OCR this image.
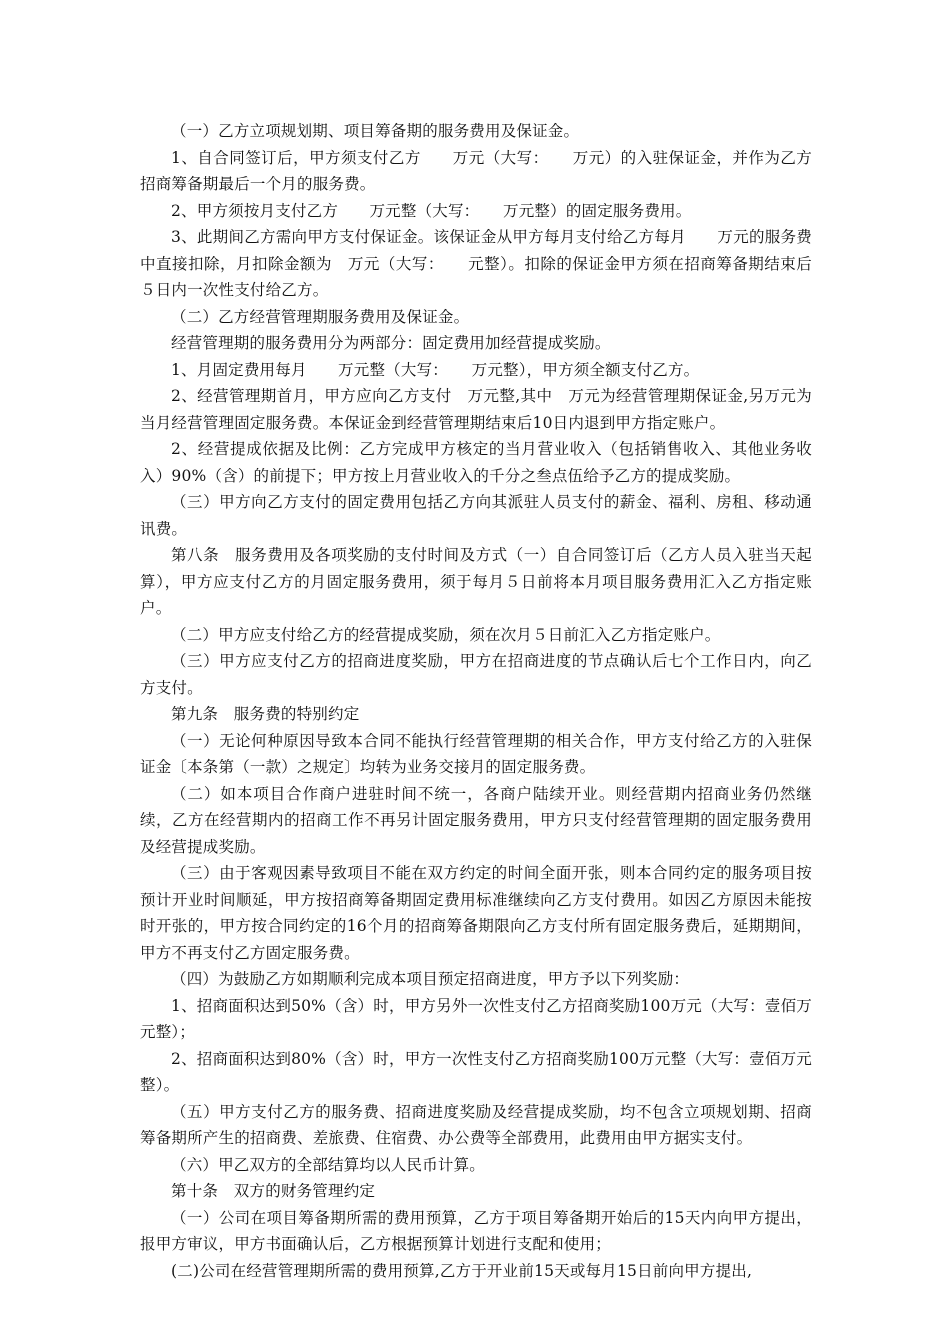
（一）乙方立项规划期、项目筹备期的服务费用及保证金。

1、自合同签订后，甲方须支付乙方　　万元（大写：　　万元）的入驻保证金，并作为乙方招商筹备期最后一个月的服务费。

2、甲方须按月支付乙方　　万元整（大写：　　万元整）的固定服务费用。

3、此期间乙方需向甲方支付保证金。该保证金从甲方每月支付给乙方每月　　万元的服务费中直接扣除，月扣除金额为　万元（大写：　　元整）。扣除的保证金甲方须在招商筹备期结束后５日内一次性支付给乙方。

（二）乙方经营管理期服务费用及保证金。

经营管理期的服务费用分为两部分：固定费用加经营提成奖励。

1、月固定费用每月　　万元整（大写：　　万元整），甲方须全额支付乙方。

2、经营管理期首月，甲方应向乙方支付　万元整,其中　万元为经营管理期保证金,另万元为当月经营管理固定服务费。本保证金到经营管理期结束后10日内退到甲方指定账户。

2、经营提成依据及比例：乙方完成甲方核定的当月营业收入（包括销售收入、其他业务收入）90%（含）的前提下；甲方按上月营业收入的千分之叁点伍给予乙方的提成奖励。

（三）甲方向乙方支付的固定费用包括乙方向其派驻人员支付的薪金、福利、房租、移动通讯费。

第八条　服务费用及各项奖励的支付时间及方式（一）自合同签订后（乙方人员入驻当天起算），甲方应支付乙方的月固定服务费用，须于每月５日前将本月项目服务费用汇入乙方指定账户。

（二）甲方应支付给乙方的经营提成奖励，须在次月５日前汇入乙方指定账户。

（三）甲方应支付乙方的招商进度奖励，甲方在招商进度的节点确认后七个工作日内，向乙方支付。

第九条　服务费的特别约定

（一）无论何种原因导致本合同不能执行经营管理期的相关合作，甲方支付给乙方的入驻保证金〔本条第（一款）之规定〕均转为业务交接月的固定服务费。

（二）如本项目合作商户进驻时间不统一，各商户陆续开业。则经营期内招商业务仍然继续，乙方在经营期内的招商工作不再另计固定服务费用，甲方只支付经营管理期的固定服务费用及经营提成奖励。

（三）由于客观因素导致项目不能在双方约定的时间全面开张，则本合同约定的服务项目按预计开业时间顺延，甲方按招商筹备期固定费用标准继续向乙方支付费用。如因乙方原因未能按时开张的，甲方按合同约定的16个月的招商筹备期限向乙方支付所有固定服务费后，延期期间，甲方不再支付乙方固定服务费。

（四）为鼓励乙方如期顺利完成本项目预定招商进度，甲方予以下列奖励：

1、招商面积达到50%（含）时，甲方另外一次性支付乙方招商奖励100万元（大写：壹佰万元整）；

2、招商面积达到80%（含）时，甲方一次性支付乙方招商奖励100万元整（大写：壹佰万元整）。

（五）甲方支付乙方的服务费、招商进度奖励及经营提成奖励，均不包含立项规划期、招商筹备期所产生的招商费、差旅费、住宿费、办公费等全部费用，此费用由甲方据实支付。

（六）甲乙双方的全部结算均以人民币计算。

第十条　双方的财务管理约定

（一）公司在项目筹备期所需的费用预算，乙方于项目筹备期开始后的15天内向甲方提出，报甲方审议，甲方书面确认后，乙方根据预算计划进行支配和使用；

(二)公司在经营管理期所需的费用预算,乙方于开业前15天或每月15日前向甲方提出,
